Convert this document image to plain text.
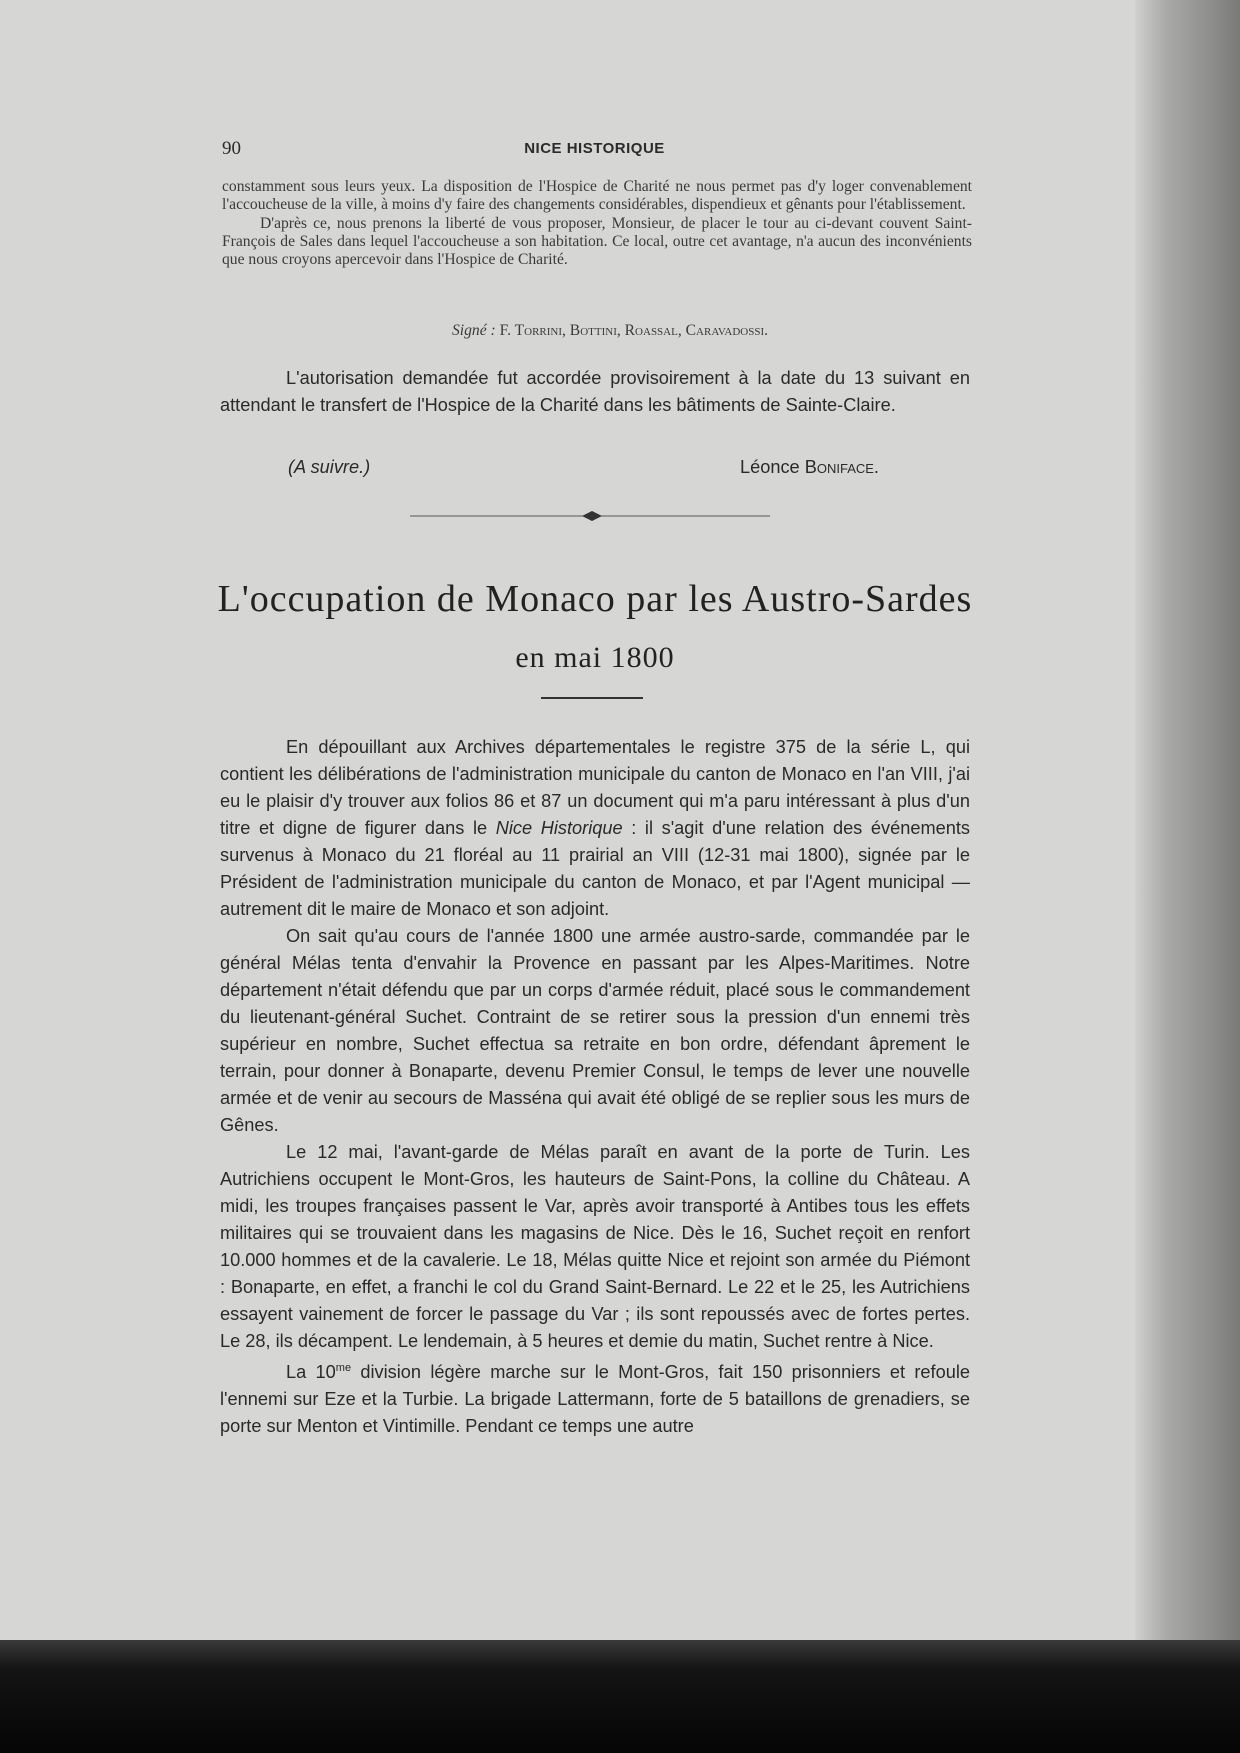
90	NICE HISTORIQUE

constamment sous leurs yeux. La disposition de l'Hospice de Charité ne nous permet pas d'y loger convenablement l'accoucheuse de la ville, à moins d'y faire des changements considérables, dispendieux et gênants pour l'établissement.

D'après ce, nous prenons la liberté de vous proposer, Monsieur, de placer le tour au ci-devant couvent Saint-François de Sales dans lequel l'accoucheuse a son habitation. Ce local, outre cet avantage, n'a aucun des inconvénients que nous croyons apercevoir dans l'Hospice de Charité.

Signé : F. Torrini, Bottini, Roassal, Caravadossi.

L'autorisation demandée fut accordée provisoirement à la date du 13 suivant en attendant le transfert de l'Hospice de la Charité dans les bâtiments de Sainte-Claire.

(A suivre.)	Léonce Boniface.
L'occupation de Monaco par les Austro-Sardes
en mai 1800

En dépouillant aux Archives départementales le registre 375 de la série L, qui contient les délibérations de l'administration municipale du canton de Monaco en l'an VIII, j'ai eu le plaisir d'y trouver aux folios 86 et 87 un document qui m'a paru intéressant à plus d'un titre et digne de figurer dans le Nice Historique : il s'agit d'une relation des événements survenus à Monaco du 21 floréal au 11 prairial an VIII (12-31 mai 1800), signée par le Président de l'administration municipale du canton de Monaco, et par l'Agent municipal — autrement dit le maire de Monaco et son adjoint.

On sait qu'au cours de l'année 1800 une armée austro-sarde, commandée par le général Mélas tenta d'envahir la Provence en passant par les Alpes-Maritimes. Notre département n'était défendu que par un corps d'armée réduit, placé sous le commandement du lieutenant-général Suchet. Contraint de se retirer sous la pression d'un ennemi très supérieur en nombre, Suchet effectua sa retraite en bon ordre, défendant âprement le terrain, pour donner à Bonaparte, devenu Premier Consul, le temps de lever une nouvelle armée et de venir au secours de Masséna qui avait été obligé de se replier sous les murs de Gênes.

Le 12 mai, l'avant-garde de Mélas paraît en avant de la porte de Turin. Les Autrichiens occupent le Mont-Gros, les hauteurs de Saint-Pons, la colline du Château. A midi, les troupes françaises passent le Var, après avoir transporté à Antibes tous les effets militaires qui se trouvaient dans les magasins de Nice. Dès le 16, Suchet reçoit en renfort 10.000 hommes et de la cavalerie. Le 18, Mélas quitte Nice et rejoint son armée du Piémont : Bonaparte, en effet, a franchi le col du Grand Saint-Bernard. Le 22 et le 25, les Autrichiens essayent vainement de forcer le passage du Var ; ils sont repoussés avec de fortes pertes. Le 28, ils décampent. Le lendemain, à 5 heures et demie du matin, Suchet rentre à Nice.

La $10^{me}$ division légère marche sur le Mont-Gros, fait 150 prisonniers et refoule l'ennemi sur Eze et la Turbie. La brigade Lattermann, forte de 5 bataillons de grenadiers, se porte sur Menton et Vintimille. Pendant ce temps une autre
